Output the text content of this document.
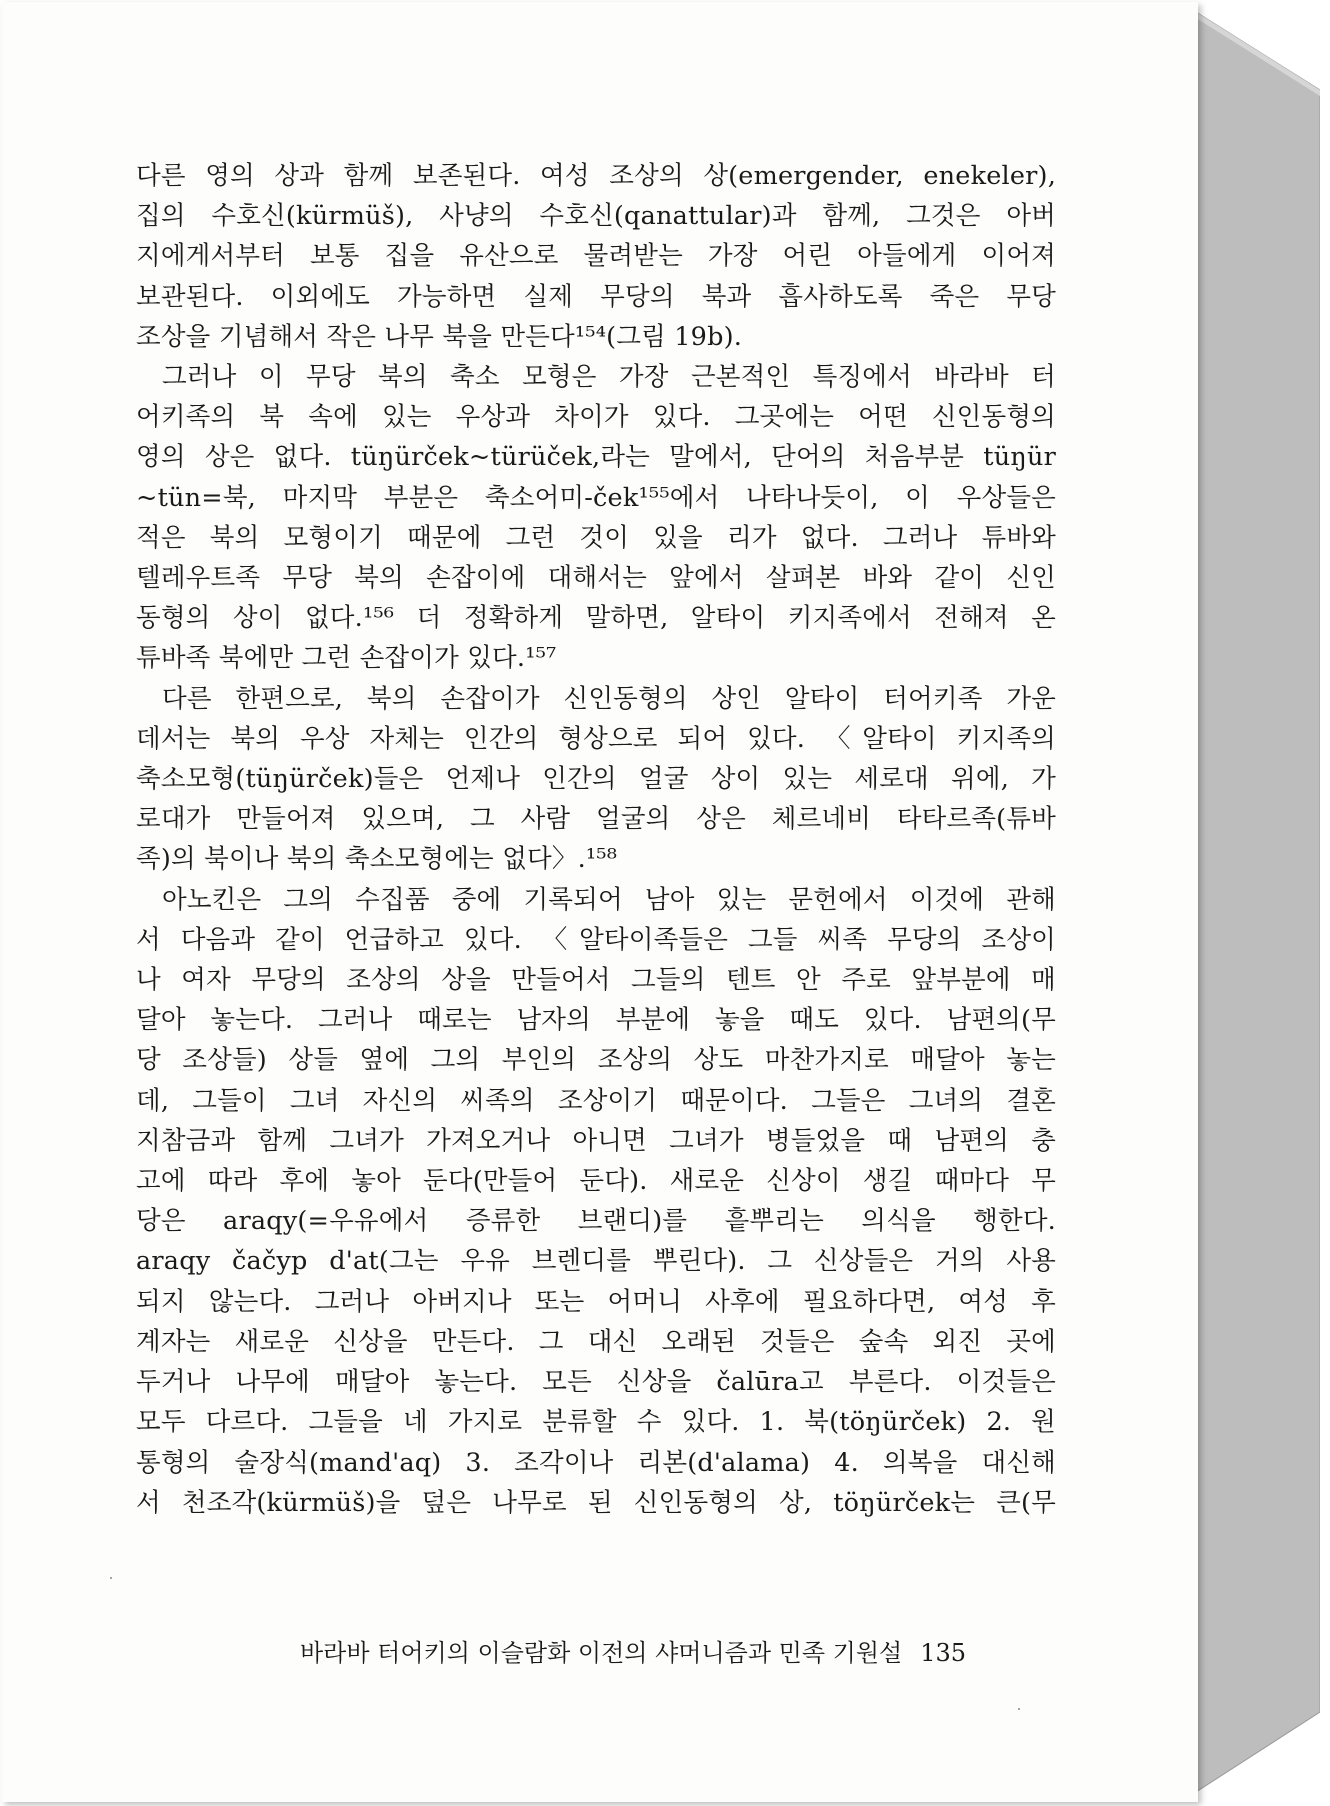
다른 영의 상과 함께 보존된다. 여성 조상의 상(emergender, enekeler),
집의 수호신(kürmüš), 사냥의 수호신(qanattular)과 함께, 그것은 아버
지에게서부터 보통 집을 유산으로 물려받는 가장 어린 아들에게 이어져
보관된다. 이외에도 가능하면 실제 무당의 북과 흡사하도록 죽은 무당
조상을 기념해서 작은 나무 북을 만든다¹⁵⁴(그림 19b).

그러나 이 무당 북의 축소 모형은 가장 근본적인 특징에서 바라바 터
어키족의 북 속에 있는 우상과 차이가 있다. 그곳에는 어떤 신인동형의
영의 상은 없다. tüŋürček~türüček,라는 말에서, 단어의 처음부분 tüŋür
~tün=북, 마지막 부분은 축소어미-ček¹⁵⁵에서 나타나듯이, 이 우상들은
적은 북의 모형이기 때문에 그런 것이 있을 리가 없다. 그러나 튜바와
텔레우트족 무당 북의 손잡이에 대해서는 앞에서 살펴본 바와 같이 신인
동형의 상이 없다.¹⁵⁶ 더 정확하게 말하면, 알타이 키지족에서 전해져 온
튜바족 북에만 그런 손잡이가 있다.¹⁵⁷

다른 한편으로, 북의 손잡이가 신인동형의 상인 알타이 터어키족 가운
데서는 북의 우상 자체는 인간의 형상으로 되어 있다. 〈알타이 키지족의
축소모형(tüŋürček)들은 언제나 인간의 얼굴 상이 있는 세로대 위에, 가
로대가 만들어져 있으며, 그 사람 얼굴의 상은 체르네비 타타르족(튜바
족)의 북이나 북의 축소모형에는 없다〉.¹⁵⁸

아노킨은 그의 수집품 중에 기록되어 남아 있는 문헌에서 이것에 관해
서 다음과 같이 언급하고 있다. 〈알타이족들은 그들 씨족 무당의 조상이
나 여자 무당의 조상의 상을 만들어서 그들의 텐트 안 주로 앞부분에 매
달아 놓는다. 그러나 때로는 남자의 부분에 놓을 때도 있다. 남편의(무
당 조상들) 상들 옆에 그의 부인의 조상의 상도 마찬가지로 매달아 놓는
데, 그들이 그녀 자신의 씨족의 조상이기 때문이다. 그들은 그녀의 결혼
지참금과 함께 그녀가 가져오거나 아니면 그녀가 병들었을 때 남편의 충
고에 따라 후에 놓아 둔다(만들어 둔다). 새로운 신상이 생길 때마다 무
당은 araqy(=우유에서 증류한 브랜디)를 흩뿌리는 의식을 행한다.
araqy čačyp d'at(그는 우유 브렌디를 뿌린다). 그 신상들은 거의 사용
되지 않는다. 그러나 아버지나 또는 어머니 사후에 필요하다면, 여성 후
계자는 새로운 신상을 만든다. 그 대신 오래된 것들은 숲속 외진 곳에
두거나 나무에 매달아 놓는다. 모든 신상을 čalūra고 부른다. 이것들은
모두 다르다. 그들을 네 가지로 분류할 수 있다. 1. 북(töŋürček) 2. 원
통형의 술장식(mand'aq) 3. 조각이나 리본(d'alama) 4. 의복을 대신해
서 천조각(kürmüš)을 덮은 나무로 된 신인동형의 상, töŋürček는 큰(무

바라바 터어키의 이슬람화 이전의 샤머니즘과 민족 기원설 135
